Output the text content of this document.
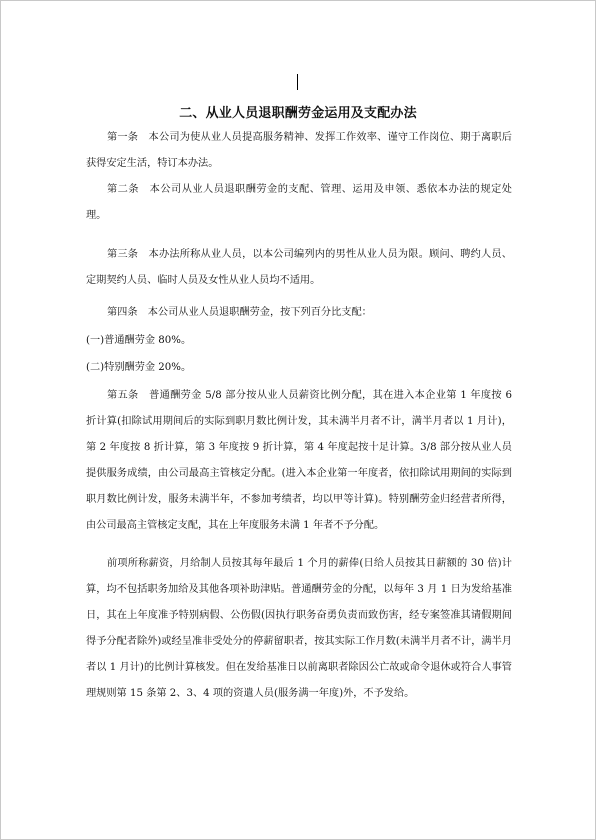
二、从业人员退职酬劳金运用及支配办法

第一条　本公司为使从业人员提高服务精神、发挥工作效率、谨守工作岗位、期于离职后获得安定生活，特订本办法。

第二条　本公司从业人员退职酬劳金的支配、管理、运用及申领、悉依本办法的规定处理。

第三条　本办法所称从业人员，以本公司编列内的男性从业人员为限。顾问、聘约人员、定期契约人员、临时人员及女性从业人员均不适用。

第四条　本公司从业人员退职酬劳金，按下列百分比支配：

(一)普通酬劳金 80%。

(二)特别酬劳金 20%。

第五条　普通酬劳金 5/8 部分按从业人员薪资比例分配，其在进入本企业第 1 年度按 6 折计算(扣除试用期间后的实际到职月数比例计发，其未满半月者不计，满半月者以 1 月计)，第 2 年度按 8 折计算，第 3 年度按 9 折计算，第 4 年度起按十足计算。3/8 部分按从业人员提供服务成绩，由公司最高主管核定分配。(进入本企业第一年度者，依扣除试用期间的实际到职月数比例计发，服务未满半年，不参加考绩者，均以甲等计算)。特别酬劳金归经营者所得，由公司最高主管核定支配，其在上年度服务未满 1 年者不予分配。

前项所称薪资，月给制人员按其每年最后 1 个月的薪俸(日给人员按其日薪额的 30 倍)计算，均不包括职务加给及其他各项补助津贴。普通酬劳金的分配，以每年 3 月 1 日为发给基准日，其在上年度准予特别病假、公伤假(因执行职务奋勇负责而致伤害，经专案签准其请假期间得予分配者除外)或经呈准非受处分的停薪留职者，按其实际工作月数(未满半月者不计，满半月者以 1 月计)的比例计算核发。但在发给基准日以前离职者除因公亡故或命令退休或符合人事管理规则第 15 条第 2、3、4 项的资遣人员(服务满一年度)外，不予发给。
